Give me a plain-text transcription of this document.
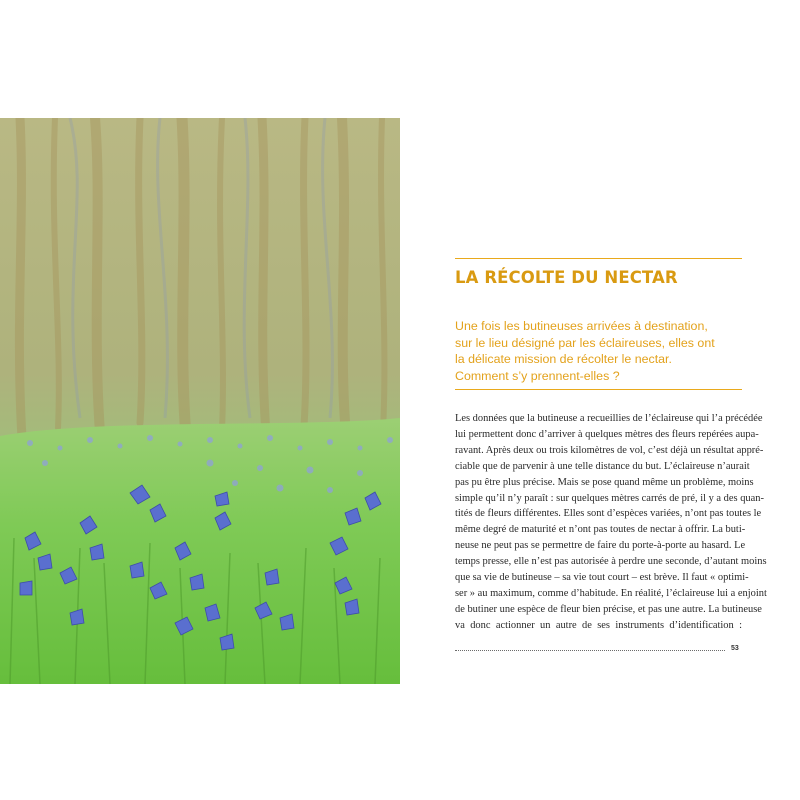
LA RÉCOLTE DU NECTAR
Une fois les butineuses arrivées à destination,
sur le lieu désigné par les éclaireuses, elles ont
la délicate mission de récolter le nectar.
Comment s’y prennent-elles ?
Les données que la butineuse a recueillies de l’éclaireuse qui l’a précédée
lui permettent donc d’arriver à quelques mètres des fleurs repérées aupa-
ravant. Après deux ou trois kilomètres de vol, c’est déjà un résultat appré-
ciable que de parvenir à une telle distance du but. L’éclaireuse n’aurait
pas pu être plus précise. Mais se pose quand même un problème, moins
simple qu’il n’y paraît : sur quelques mètres carrés de pré, il y a des quan-
tités de fleurs différentes. Elles sont d’espèces variées, n’ont pas toutes le
même degré de maturité et n’ont pas toutes de nectar à offrir. La buti-
neuse ne peut pas se permettre de faire du porte-à-porte au hasard. Le
temps presse, elle n’est pas autorisée à perdre une seconde, d’autant moins
que sa vie de butineuse – sa vie tout court – est brève. Il faut « optimi-
ser » au maximum, comme d’habitude. En réalité, l’éclaireuse lui a enjoint
de butiner une espèce de fleur bien précise, et pas une autre. La butineuse
va donc actionner un autre de ses instruments d’identification :
53
